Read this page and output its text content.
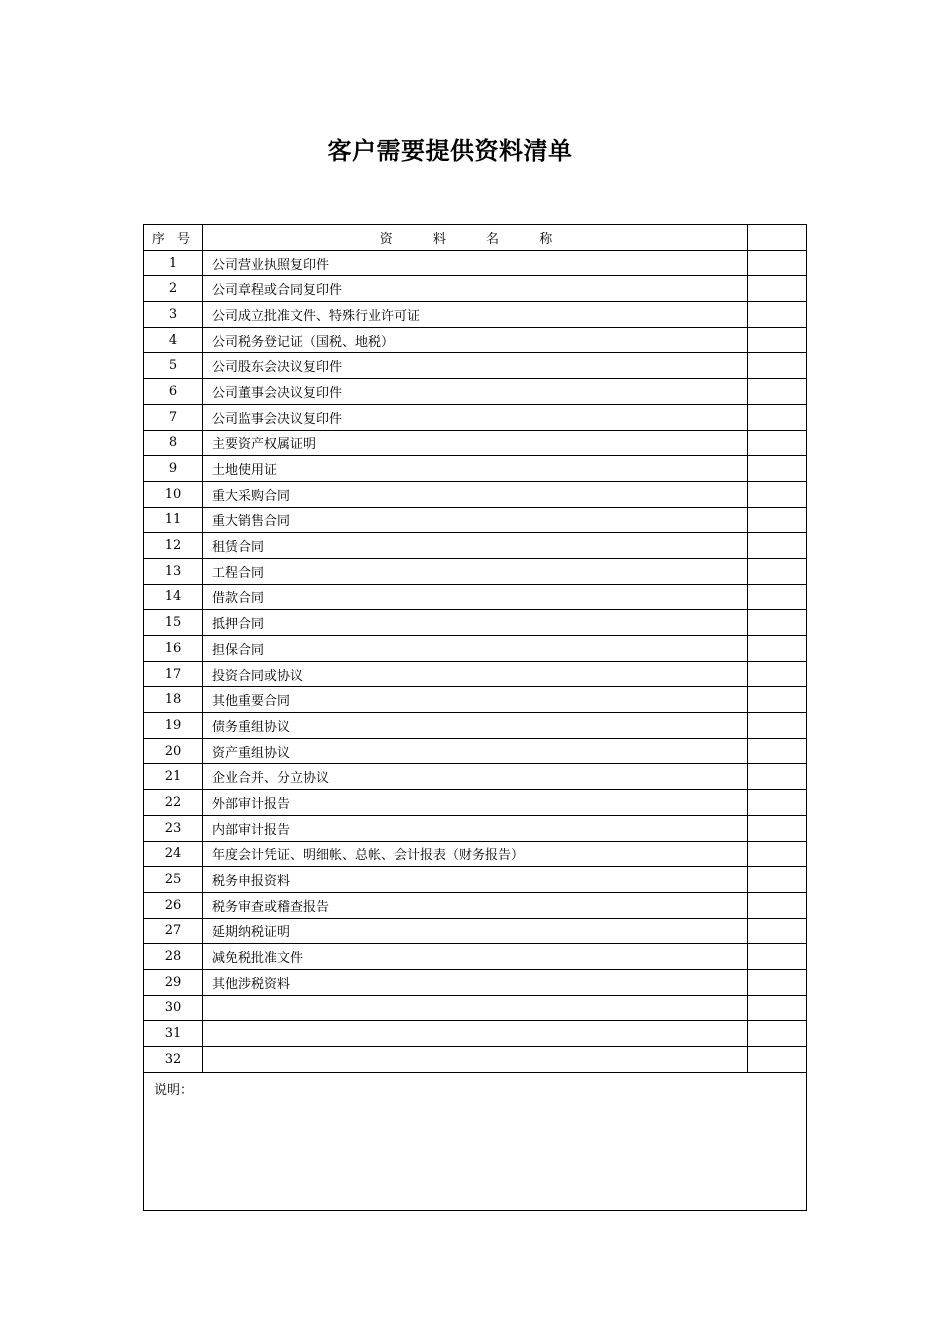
客户需要提供资料清单
序 号	资 料 名 称	
1	公司营业执照复印件	
2	公司章程或合同复印件	
3	公司成立批准文件、特殊行业许可证	
4	公司税务登记证（国税、地税）	
5	公司股东会决议复印件	
6	公司董事会决议复印件	
7	公司监事会决议复印件	
8	主要资产权属证明	
9	土地使用证	
10	重大采购合同	
11	重大销售合同	
12	租赁合同	
13	工程合同	
14	借款合同	
15	抵押合同	
16	担保合同	
17	投资合同或协议	
18	其他重要合同	
19	债务重组协议	
20	资产重组协议	
21	企业合并、分立协议	
22	外部审计报告	
23	内部审计报告	
24	年度会计凭证、明细帐、总帐、会计报表（财务报告）	
25	税务申报资料	
26	税务审查或稽查报告	
27	延期纳税证明	
28	减免税批准文件	
29	其他涉税资料	
30		
31		
32		
说明：		
